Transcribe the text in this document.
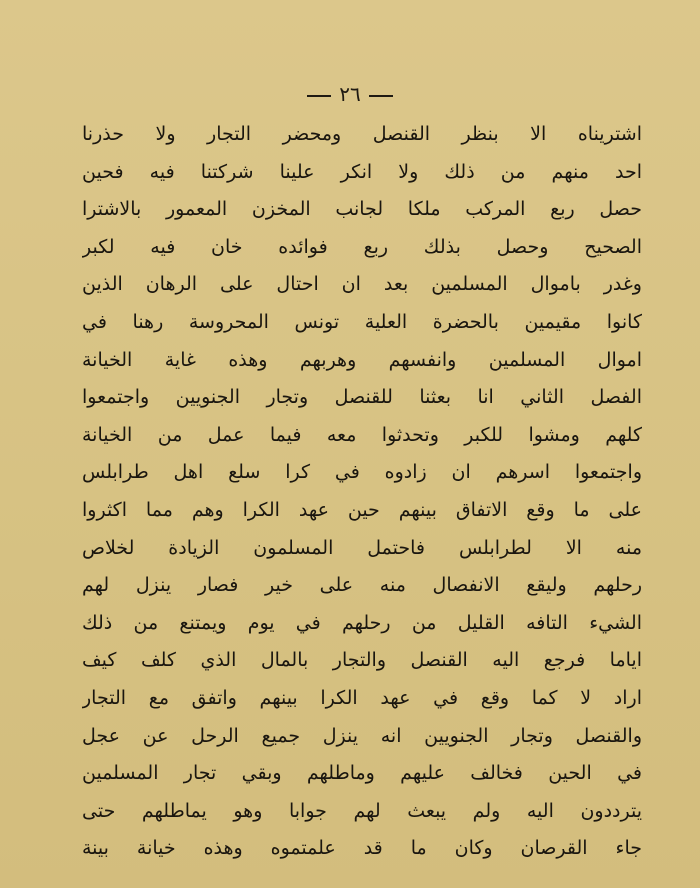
٢٦
اشتريناه الا بنظر القنصل ومحضر التجار ولا حذرنا
احد منهم من ذلك ولا انكر علينا شركتنا فيه فحين
حصل ربع المركب ملكا لجانب المخزن المعمور بالاشترا
الصحيح وحصل بذلك ربع فوائده خان فيه لكبر
وغدر باموال المسلمين بعد ان احتال على الرهان الذين
كانوا مقيمين بالحضرة العلية تونس المحروسة رهنا في
اموال المسلمين وانفسهم وهربهم وهذه غاية الخيانة
الفصل الثاني انا بعثنا للقنصل وتجار الجنويين واجتمعوا
كلهم ومشوا للكبر وتحدثوا معه فيما عمل من الخيانة
واجتمعوا اسرهم ان زادوه في كرا سلع اهل طرابلس
على ما وقع الاتفاق بينهم حين عهد الكرا وهم مما اكثروا
منه الا لطرابلس فاحتمل المسلمون الزيادة لخلاص
رحلهم وليقع الانفصال منه على خير فصار ينزل لهم
الشيء التافه القليل من رحلهم في يوم ويمتنع من ذلك
اياما فرجع اليه القنصل والتجار بالمال الذي كلف كيف
اراد لا كما وقع في عهد الكرا بينهم واتفق مع التجار
والقنصل وتجار الجنويين انه ينزل جميع الرحل عن عجل
في الحين فخالف عليهم وماطلهم وبقي تجار المسلمين
يترددون اليه ولم يبعث لهم جوابا وهو يماطلهم حتى
جاء القرصان وكان ما قد علمتموه وهذه خيانة بينة
